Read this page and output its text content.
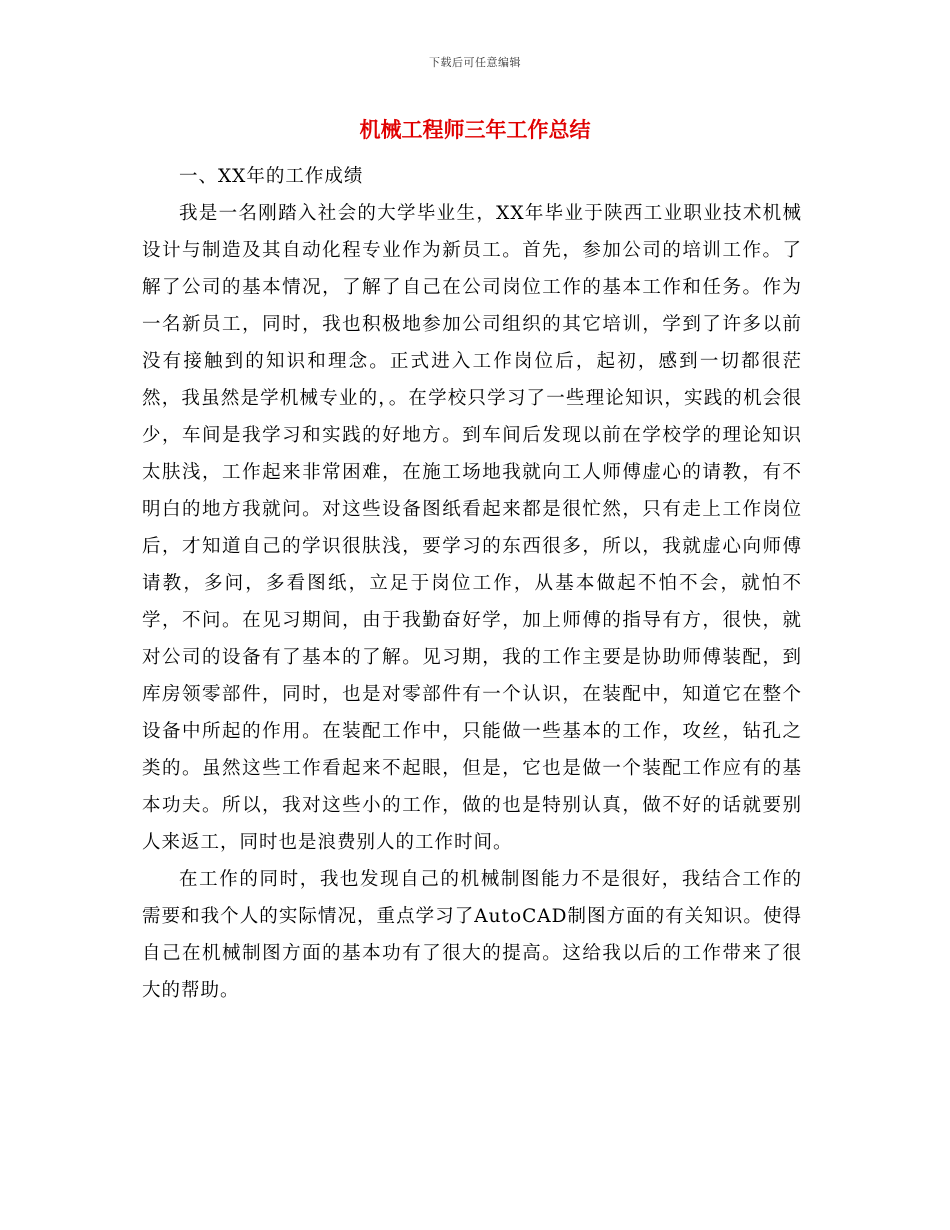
下载后可任意编辑
机械工程师三年工作总结

一、XX年的工作成绩

我是一名刚踏入社会的大学毕业生，XX年毕业于陕西工业职业技术机械设计与制造及其自动化程专业作为新员工。首先，参加公司的培训工作。了解了公司的基本情况，了解了自己在公司岗位工作的基本工作和任务。作为一名新员工，同时，我也积极地参加公司组织的其它培训，学到了许多以前没有接触到的知识和理念。正式进入工作岗位后，起初，感到一切都很茫然，我虽然是学机械专业的，。在学校只学习了一些理论知识，实践的机会很少，车间是我学习和实践的好地方。到车间后发现以前在学校学的理论知识太肤浅，工作起来非常困难，在施工场地我就向工人师傅虚心的请教，有不明白的地方我就问。对这些设备图纸看起来都是很忙然，只有走上工作岗位后，才知道自己的学识很肤浅，要学习的东西很多，所以，我就虚心向师傅请教，多问，多看图纸，立足于岗位工作，从基本做起不怕不会，就怕不学，不问。在见习期间，由于我勤奋好学，加上师傅的指导有方，很快，就对公司的设备有了基本的了解。见习期，我的工作主要是协助师傅装配，到库房领零部件，同时，也是对零部件有一个认识，在装配中，知道它在整个设备中所起的作用。在装配工作中，只能做一些基本的工作，攻丝，钻孔之类的。虽然这些工作看起来不起眼，但是，它也是做一个装配工作应有的基本功夫。所以，我对这些小的工作，做的也是特别认真，做不好的话就要别人来返工，同时也是浪费别人的工作时间。

在工作的同时，我也发现自己的机械制图能力不是很好，我结合工作的需要和我个人的实际情况，重点学习了AutoCAD制图方面的有关知识。使得自己在机械制图方面的基本功有了很大的提高。这给我以后的工作带来了很大的帮助。
